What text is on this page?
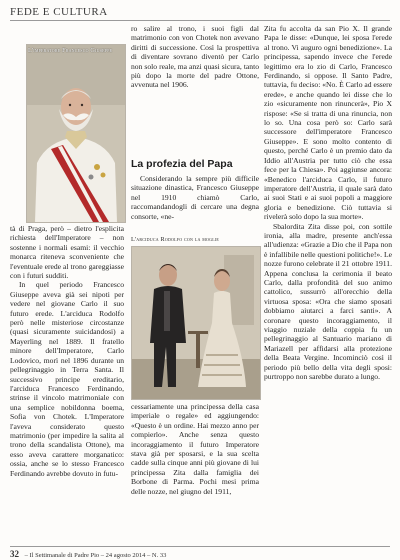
FEDE E CULTURA
L'imperatore Francesco Giuseppe

tà di Praga, però – dietro l'esplicita richiesta dell'Imperatore – non sostenne i normali esami: il vecchio monarca riteneva sconveniente che l'eventuale erede al trono gareggiasse con i futuri sudditi.

In quel periodo Francesco Giuseppe aveva già sei nipoti per vedere nel giovane Carlo il suo futuro erede. L'arciduca Rodolfo però nelle misteriose circostanze (quasi sicuramente suicidandosi) a Mayerling nel 1889. Il fratello minore dell'Imperatore, Carlo Lodovico, morì nel 1896 durante un pellegrinaggio in Terra Santa. Il successivo principe ereditario, l'arciduca Francesco Ferdinando, strinse il vincolo matrimoniale con una semplice nobildonna boema, Sofia von Chotek. L'Imperatore l'aveva considerato questo matrimonio (per impedire la salita al trono della scandalista Ottone), ma esso aveva carattere morganatico: ossia, anche se lo stesso Francesco Ferdinando avrebbe dovuto in futu-

ro salire al trono, i suoi figli dal matrimonio con von Chotek non avevano diritti di successione. Così la prospettiva di diventare sovrano diventò per Carlo non solo reale, ma anzi quasi sicura, tanto più dopo la morte del padre Ottone, avvenuta nel 1906.

La profezia del Papa

Considerando la sempre più difficile situazione dinastica, Francesco Giuseppe nel 1910 chiamò Carlo, raccomandandogli di cercare una degna consorte, «ne-

L'arciduca Rodolfo con la moglie

cessariamente una principessa della casa imperiale o regale» ed aggiungendo: «Questo è un ordine. Hai mezzo anno per compierlo». Anche senza questo incoraggiamento il futuro Imperatore stava già per sposarsi, e la sua scelta cadde sulla cinque anni più giovane di lui principessa Zita dalla famiglia dei Borbone di Parma. Pochi mesi prima delle nozze, nel giugno del 1911,

Zita fu accolta da san Pio X. Il grande Papa le disse: «Dunque, lei sposa l'erede al trono. Vi auguro ogni benedizione». La principessa, sapendo invece che l'erede legittimo era lo zio di Carlo, Francesco Ferdinando, si oppose. Il Santo Padre, tuttavia, fu deciso: «No. È Carlo ad essere erede», e anche quando lei disse che lo zio «sicuramente non rinuncerà», Pio X rispose: «Se si tratta di una rinuncia, non lo so. Una cosa però so: Carlo sarà successore dell'imperatore Francesco Giuseppe». E sono molto contento di questo, perché Carlo è un premio dato da Iddio all'Austria per tutto ciò che essa fece per la Chiesa». Poi aggiunse ancora: «Benedico l'arciduca Carlo, il futuro imperatore dell'Austria, il quale sarà dato ai suoi Stati e ai suoi popoli a maggiore gloria e benedizione. Ciò tuttavia si rivelerà solo dopo la sua morte».

Sbalordita Zita disse poi, con sottile ironia, alla madre, presente anch'essa all'udienza: «Grazie a Dio che il Papa non è infallibile nelle questioni politiche!». Le nozze furono celebrate il 21 ottobre 1911. Appena conclusa la cerimonia il beato Carlo, dalla profondità del suo animo cattolico, sussurrò all'orecchio della virtuosa sposa: «Ora che siamo sposati dobbiamo aiutarci a farci santi». A coronare questo incoraggiamento, il viaggio nuziale della coppia fu un pellegrinaggio al Santuario mariano di Mariazell per affidarsi alla protezione della Beata Vergine. Incominciò così il periodo più bello della vita degli sposi: purtroppo non sarebbe durato a lungo.

32 – Il Settimanale di Padre Pio – 24 agosto 2014 – N. 33
